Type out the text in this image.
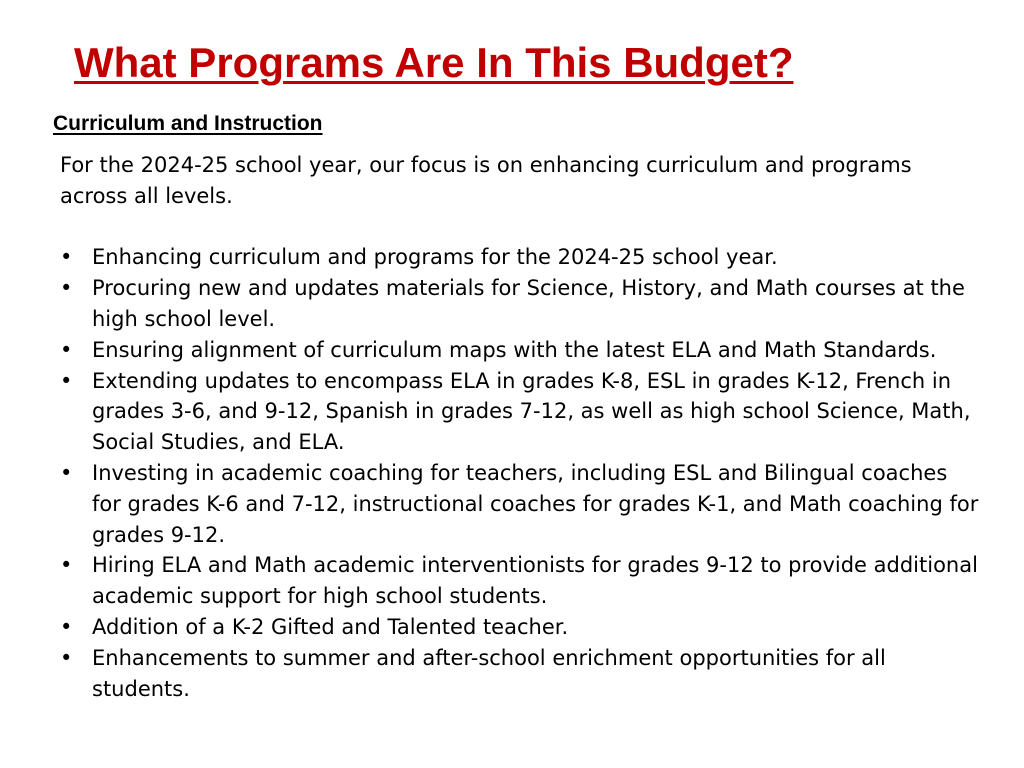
What Programs Are In This Budget?
Curriculum and Instruction

For the 2024-25 school year, our focus is on enhancing curriculum and programs across all levels.

• Enhancing curriculum and programs for the 2024-25 school year.
• Procuring new and updates materials for Science, History, and Math courses at the high school level.
• Ensuring alignment of curriculum maps with the latest ELA and Math Standards.
• Extending updates to encompass ELA in grades K-8, ESL in grades K-12, French in grades 3-6, and 9-12, Spanish in grades 7-12, as well as high school Science, Math, Social Studies, and ELA.
• Investing in academic coaching for teachers, including ESL and Bilingual coaches for grades K-6 and 7-12, instructional coaches for grades K-1, and Math coaching for grades 9-12.
• Hiring ELA and Math academic interventionists for grades 9-12 to provide additional academic support for high school students.
• Addition of a K-2 Gifted and Talented teacher.
• Enhancements to summer and after-school enrichment opportunities for all students.
